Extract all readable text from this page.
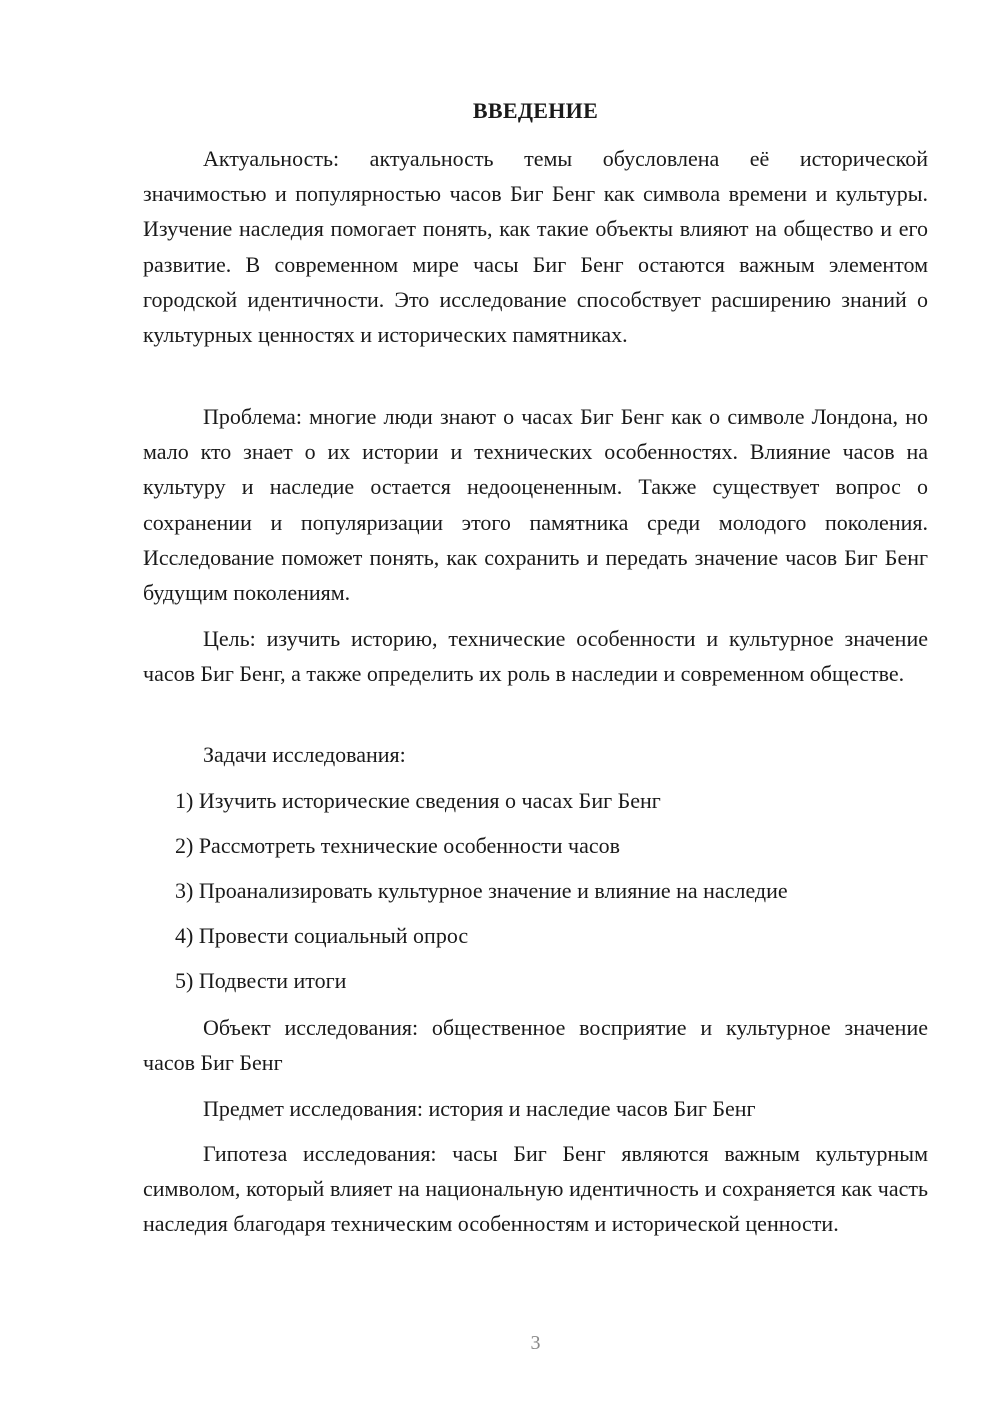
ВВЕДЕНИЕ
Актуальность: актуальность темы обусловлена её исторической значимостью и популярностью часов Биг Бенг как символа времени и культуры. Изучение наследия помогает понять, как такие объекты влияют на общество и его развитие. В современном мире часы Биг Бенг остаются важным элементом городской идентичности. Это исследование способствует расширению знаний о культурных ценностях и исторических памятниках.
Проблема: многие люди знают о часах Биг Бенг как о символе Лондона, но мало кто знает о их истории и технических особенностях. Влияние часов на культуру и наследие остается недооцененным. Также существует вопрос о сохранении и популяризации этого памятника среди молодого поколения. Исследование поможет понять, как сохранить и передать значение часов Биг Бенг будущим поколениям.
Цель: изучить историю, технические особенности и культурное значение часов Биг Бенг, а также определить их роль в наследии и современном обществе.
Задачи исследования:
1) Изучить исторические сведения о часах Биг Бенг
2) Рассмотреть технические особенности часов
3) Проанализировать культурное значение и влияние на наследие
4) Провести социальный опрос
5) Подвести итоги
Объект исследования: общественное восприятие и культурное значение часов Биг Бенг
Предмет исследования: история и наследие часов Биг Бенг
Гипотеза исследования: часы Биг Бенг являются важным культурным символом, который влияет на национальную идентичность и сохраняется как часть наследия благодаря техническим особенностям и исторической ценности.
3
